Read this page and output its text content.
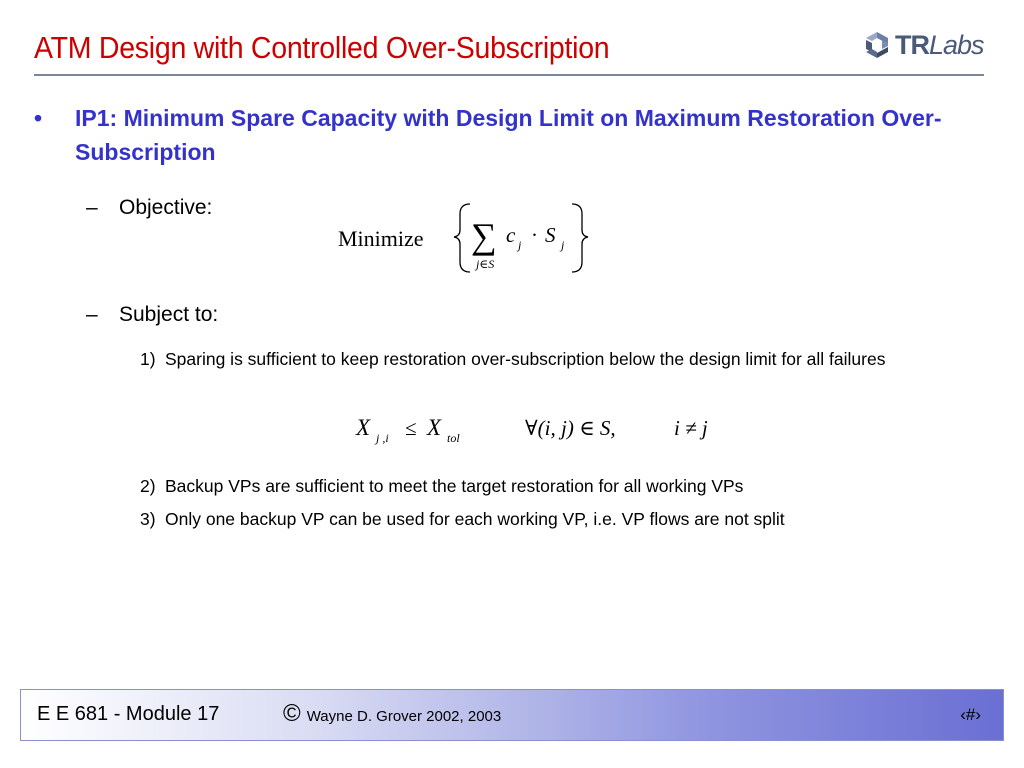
ATM Design with Controlled Over-Subscription	TR Labs
• IP1: Minimum Spare Capacity with Design Limit on Maximum Restoration Over-Subscription
– Objective:
Minimize ∑
j∈S
c j · S j
– Subject to:
1) Sparing is sufficient to keep restoration over-subscription below the design limit for all failures
X j ,i ≤ X tol	∀(i, j) ∈ S,	i ≠ j
2) Backup VPs are sufficient to meet the target restoration for all working VPs
3) Only one backup VP can be used for each working VP, i.e. VP flows are not split
E E 681 - Module 17	© Wayne D. Grover 2002, 2003	‹#›
